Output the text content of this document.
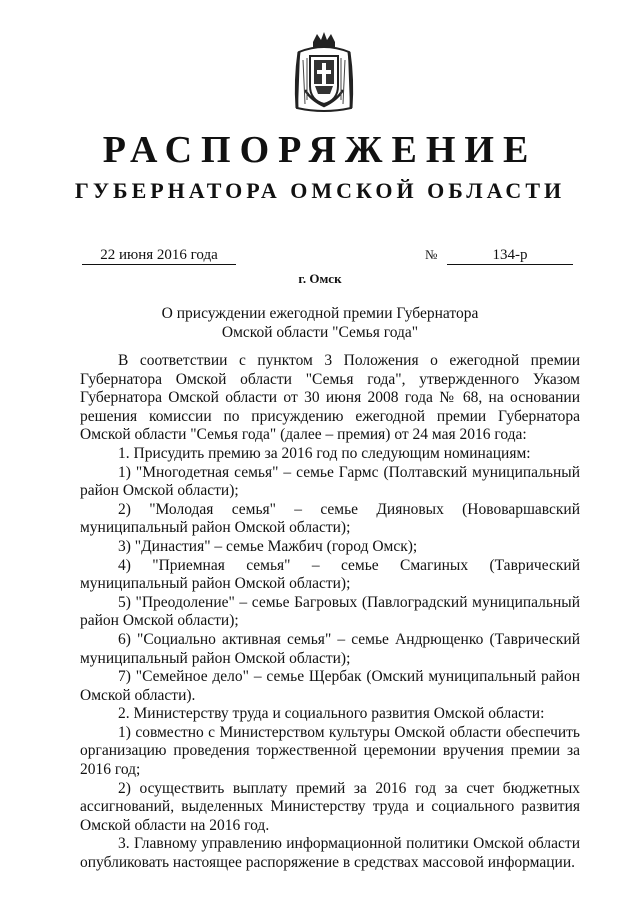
РАСПОРЯЖЕНИЕ
ГУБЕРНАТОРА ОМСКОЙ ОБЛАСТИ
22 июня 2016 года	№	134-р
г. Омск
О присуждении ежегодной премии Губернатора
Омской области "Семья года"

В соответствии с пунктом 3 Положения о ежегодной премии Губернатора Омской области "Семья года", утвержденного Указом Губернатора Омской области от 30 июня 2008 года № 68, на основании решения комиссии по присуждению ежегодной премии Губернатора Омской области "Семья года" (далее – премия) от 24 мая 2016 года:

1. Присудить премию за 2016 год по следующим номинациям:

1) "Многодетная семья" – семье Гармс (Полтавский муниципальный район Омской области);

2) "Молодая семья" – семье Дияновых (Нововаршавский муниципальный район Омской области);

3) "Династия" – семье Мажбич (город Омск);

4) "Приемная семья" – семье Смагиных (Таврический муниципальный район Омской области);

5) "Преодоление" – семье Багровых (Павлоградский муниципальный район Омской области);

6) "Социально активная семья" – семье Андрющенко (Таврический муниципальный район Омской области);

7) "Семейное дело" – семье Щербак (Омский муниципальный район Омской области).

2. Министерству труда и социального развития Омской области:

1) совместно с Министерством культуры Омской области обеспечить организацию проведения торжественной церемонии вручения премии за 2016 год;

2) осуществить выплату премий за 2016 год за счет бюджетных ассигнований, выделенных Министерству труда и социального развития Омской области на 2016 год.

3. Главному управлению информационной политики Омской области опубликовать настоящее распоряжение в средствах массовой информации.
